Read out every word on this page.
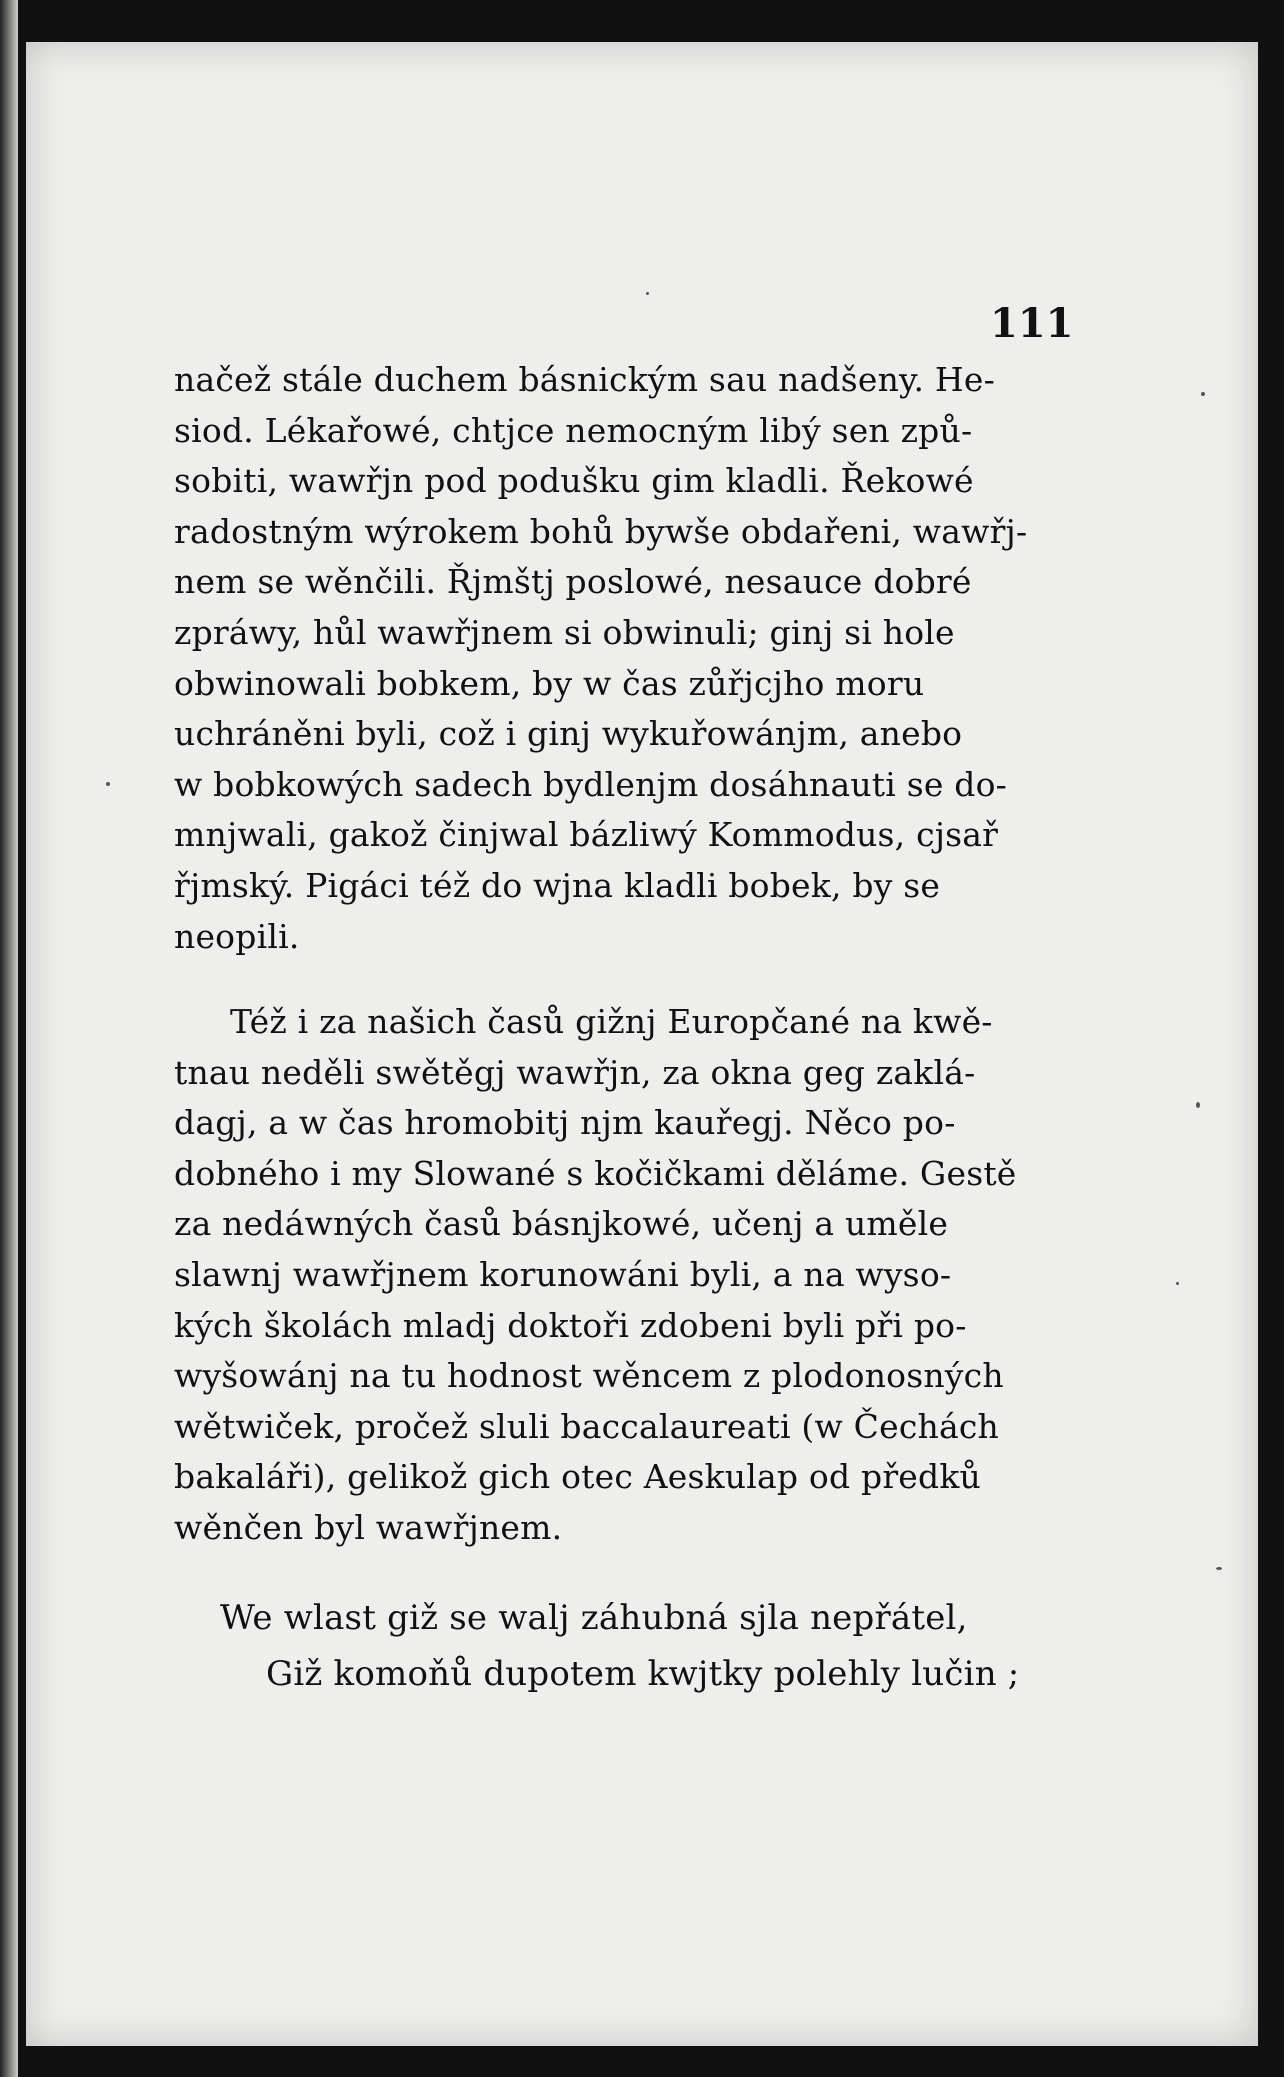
111
načež stále duchem básnickým sau nadšeny. He-
siod. Lékařowé, chtjce nemocným libý sen způ-
sobiti, wawřjn pod podušku gim kladli. Řekowé
radostným wýrokem bohů bywše obdařeni, wawřj-
nem se wěnčili. Řjmštj poslowé, nesauce dobré
zpráwy, hůl wawřjnem si obwinuli; ginj si hole
obwinowali bobkem, by w čas zůřjcjho moru
uchráněni byli, což i ginj wykuřowánjm, anebo
w bobkowých sadech bydlenjm dosáhnauti se do-
mnjwali, gakož činjwal bázliwý Kommodus, cjsař
řjmský. Pigáci též do wjna kladli bobek, by se
neopili.
Též i za našich časů gižnj Europčané na kwě-
tnau neděli swětěgj wawřjn, za okna geg zaklá-
dagj, a w čas hromobitj njm kauřegj. Něco po-
dobného i my Slowané s kočičkami děláme. Gestě
za nedáwných časů básnjkowé, učenj a uměle
slawnj wawřjnem korunowáni byli, a na wyso-
kých školách mladj doktoři zdobeni byli při po-
wyšowánj na tu hodnost wěncem z plodonosných
wětwiček, pročež sluli baccalaureati (w Čechách
bakaláři), gelikož gich otec Aeskulap od předků
wěnčen byl wawřjnem.
We wlast giž se walj záhubná sjla nepřátel,
Giž komoňů dupotem kwjtky polehly lučin ;
